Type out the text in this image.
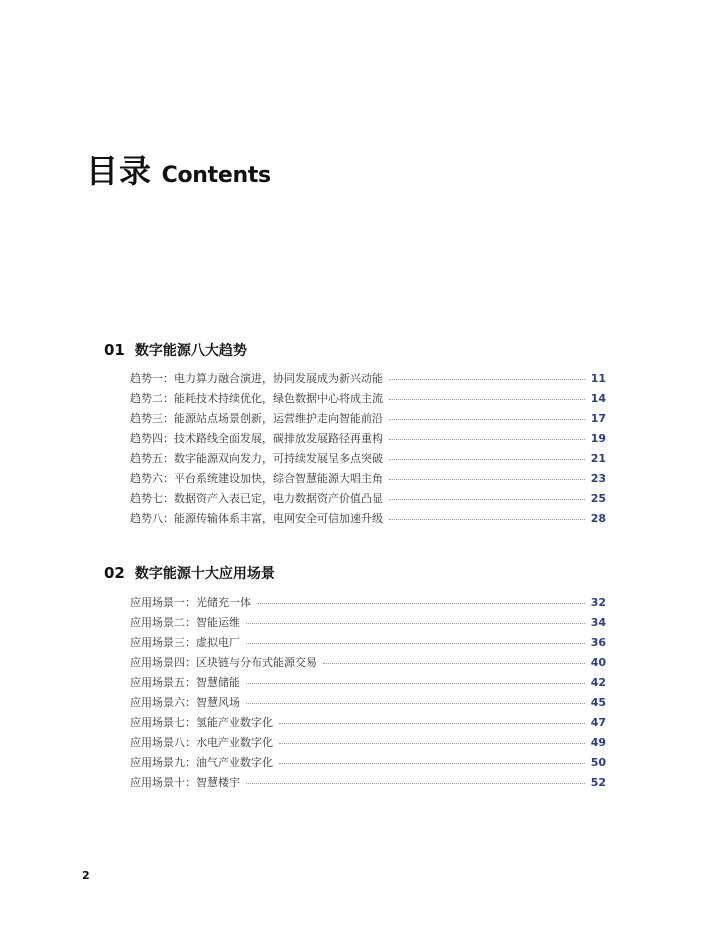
目录 Contents
01 数字能源八大趋势
趋势一：电力算力融合演进，协同发展成为新兴动能	11
趋势二：能耗技术持续优化，绿色数据中心将成主流	14
趋势三：能源站点场景创新，运营维护走向智能前沿	17
趋势四：技术路线全面发展，碳排放发展路径再重构	19
趋势五：数字能源双向发力，可持续发展呈多点突破	21
趋势六：平台系统建设加快，综合智慧能源大唱主角	23
趋势七：数据资产入表已定，电力数据资产价值凸显	25
趋势八：能源传输体系丰富，电网安全可信加速升级	28
02 数字能源十大应用场景
应用场景一：光储充一体	32
应用场景二：智能运维	34
应用场景三：虚拟电厂	36
应用场景四：区块链与分布式能源交易	40
应用场景五：智慧储能	42
应用场景六：智慧风场	45
应用场景七：氢能产业数字化	47
应用场景八：水电产业数字化	49
应用场景九：油气产业数字化	50
应用场景十：智慧楼宇	52
2
